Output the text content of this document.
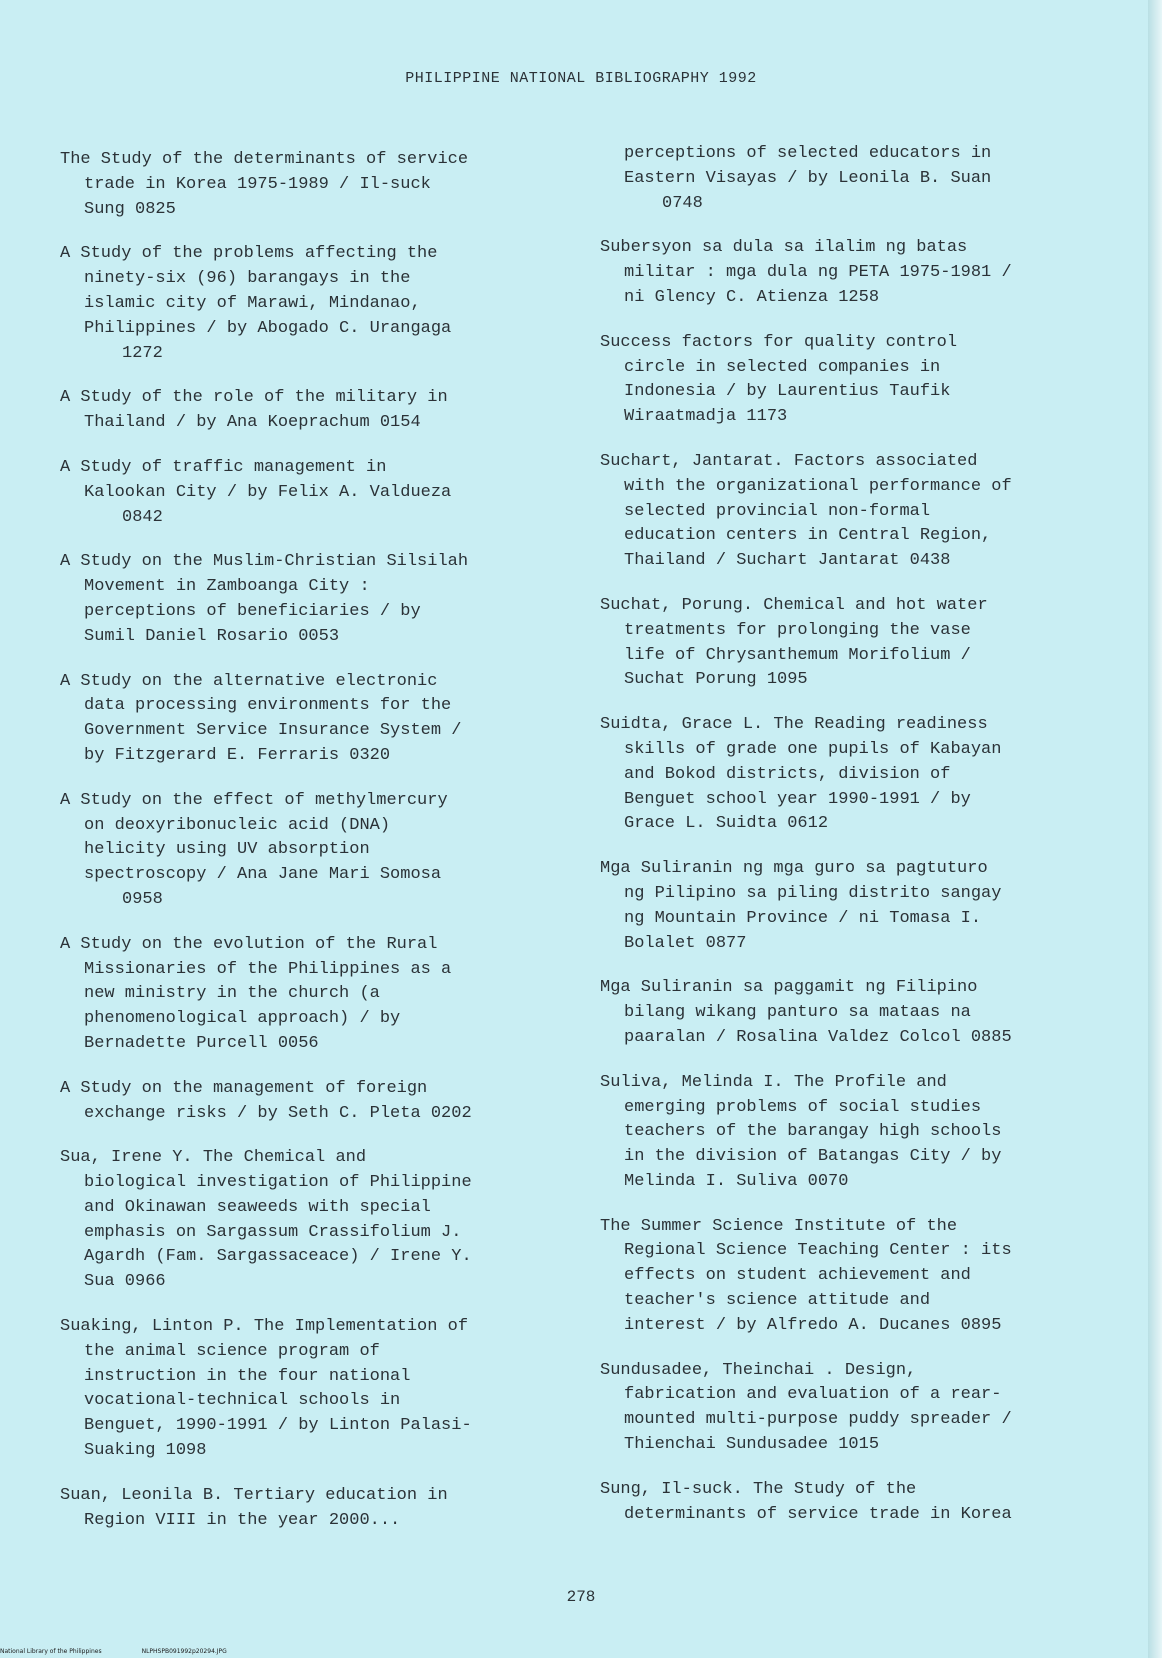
PHILIPPINE NATIONAL BIBLIOGRAPHY 1992
The Study of the determinants of service
trade in Korea 1975-1989 / Il-suck
Sung 0825
A Study of the problems affecting the
ninety-six (96) barangays in the
islamic city of Marawi, Mindanao,
Philippines / by Abogado C. Urangaga
1272
A Study of the role of the military in
Thailand / by Ana Koeprachum 0154
A Study of traffic management in
Kalookan City / by Felix A. Valdueza
0842
A Study on the Muslim-Christian Silsilah
Movement in Zamboanga City :
perceptions of beneficiaries / by
Sumil Daniel Rosario 0053
A Study on the alternative electronic
data processing environments for the
Government Service Insurance System /
by Fitzgerard E. Ferraris 0320
A Study on the effect of methylmercury
on deoxyribonucleic acid (DNA)
helicity using UV absorption
spectroscopy / Ana Jane Mari Somosa
0958
A Study on the evolution of the Rural
Missionaries of the Philippines as a
new ministry in the church (a
phenomenological approach) / by
Bernadette Purcell 0056
A Study on the management of foreign
exchange risks / by Seth C. Pleta 0202
Sua, Irene Y. The Chemical and
biological investigation of Philippine
and Okinawan seaweeds with special
emphasis on Sargassum Crassifolium J.
Agardh (Fam. Sargassaceace) / Irene Y.
Sua 0966
Suaking, Linton P. The Implementation of
the animal science program of
instruction in the four national
vocational-technical schools in
Benguet, 1990-1991 / by Linton Palasi-
Suaking 1098
Suan, Leonila B. Tertiary education in
Region VIII in the year 2000...
perceptions of selected educators in
Eastern Visayas / by Leonila B. Suan
0748
Subersyon sa dula sa ilalim ng batas
militar : mga dula ng PETA 1975-1981 /
ni Glency C. Atienza 1258
Success factors for quality control
circle in selected companies in
Indonesia / by Laurentius Taufik
Wiraatmadja 1173
Suchart, Jantarat. Factors associated
with the organizational performance of
selected provincial non-formal
education centers in Central Region,
Thailand / Suchart Jantarat 0438
Suchat, Porung. Chemical and hot water
treatments for prolonging the vase
life of Chrysanthemum Morifolium /
Suchat Porung 1095
Suidta, Grace L. The Reading readiness
skills of grade one pupils of Kabayan
and Bokod districts, division of
Benguet school year 1990-1991 / by
Grace L. Suidta 0612
Mga Suliranin ng mga guro sa pagtuturo
ng Pilipino sa piling distrito sangay
ng Mountain Province / ni Tomasa I.
Bolalet 0877
Mga Suliranin sa paggamit ng Filipino
bilang wikang panturo sa mataas na
paaralan / Rosalina Valdez Colcol 0885
Suliva, Melinda I. The Profile and
emerging problems of social studies
teachers of the barangay high schools
in the division of Batangas City / by
Melinda I. Suliva 0070
The Summer Science Institute of the
Regional Science Teaching Center : its
effects on student achievement and
teacher's science attitude and
interest / by Alfredo A. Ducanes 0895
Sundusadee, Theinchai . Design,
fabrication and evaluation of a rear-
mounted multi-purpose puddy spreader /
Thienchai Sundusadee 1015
Sung, Il-suck. The Study of the
determinants of service trade in Korea
278
National Library of the Philippines	NLPHSPB091992p20294.JPG
